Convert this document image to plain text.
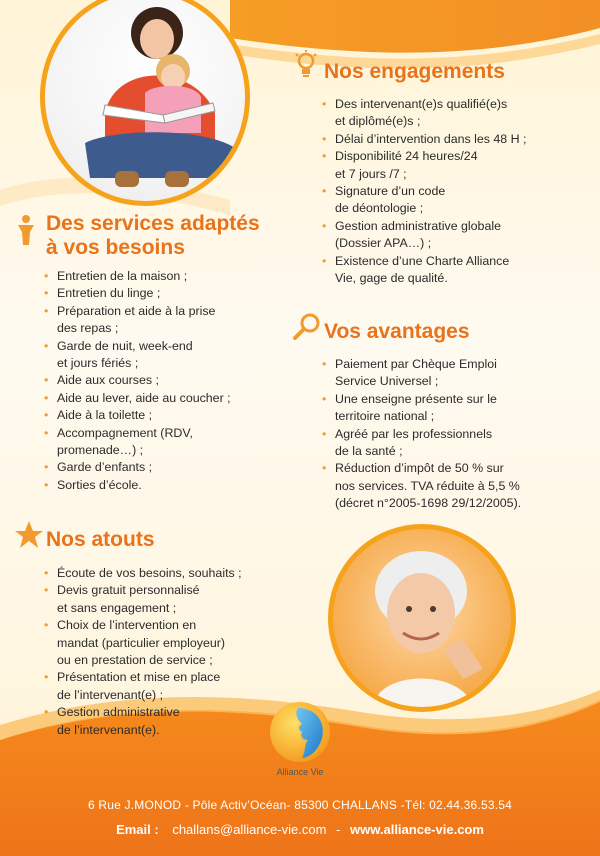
Des services adaptés
à vos besoins
• Entretien de la maison ;
• Entretien du linge ;
• Préparation et aide à la prise
des repas ;
• Garde de nuit, week-end
et jours fériés ;
• Aide aux courses ;
• Aide au lever, aide au coucher ;
• Aide à la toilette ;
• Accompagnement (RDV,
promenade…) ;
• Garde d’enfants ;
• Sorties d’école.
Nos atouts
• Écoute de vos besoins, souhaits ;
• Devis gratuit personnalisé
et sans engagement ;
• Choix de l’intervention en
mandat (particulier employeur)
ou en prestation de service ;
• Présentation et mise en place
de l’intervenant(e) ;
• Gestion administrative
de l’intervenant(e).
Nos engagements
• Des intervenant(e)s qualifié(e)s
et diplômé(e)s ;
• Délai d’intervention dans les 48 H ;
• Disponibilité 24 heures/24
et 7 jours /7 ;
• Signature d’un code
de déontologie ;
• Gestion administrative globale
(Dossier APA…) ;
• Existence d’une Charte Alliance
Vie, gage de qualité.
Vos avantages
• Paiement par Chèque Emploi
Service Universel ;
• Une enseigne présente sur le
territoire national ;
• Agréé par les professionnels
de la santé ;
• Réduction d’impôt de 50 % sur
nos services. TVA réduite à 5,5 %
(décret n°2005-1698 29/12/2005).
Alliance Vie
6 Rue J.MONOD - Pôle Activ’Océan- 85300 CHALLANS -Tél: 02.44.36.53.54
Email : challans@alliance-vie.com - www.alliance-vie.com
